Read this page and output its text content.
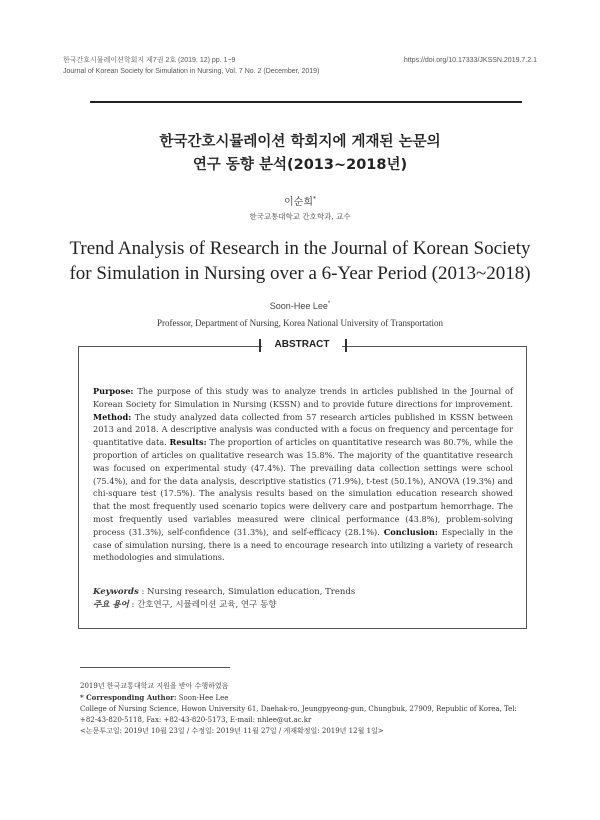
한국간호시뮬레이션학회지 제7권 2호 (2019. 12) pp. 1~9
Journal of Korean Society for Simulation in Nursing, Vol. 7 No. 2 (December, 2019)
https://doi.org/10.17333/JKSSN.2019.7.2.1
한국간호시뮬레이션 학회지에 게재된 논문의
연구 동향 분석(2013~2018년)
이순희*
한국교통대학교 간호학과, 교수
Trend Analysis of Research in the Journal of Korean Society
for Simulation in Nursing over a 6-Year Period (2013~2018)
Soon-Hee Lee*
Professor, Department of Nursing, Korea National University of Transportation
ABSTRACT
Purpose: The purpose of this study was to analyze trends in articles published in the Journal of Korean Society for Simulation in Nursing (KSSN) and to provide future directions for improvement. Method: The study analyzed data collected from 57 research articles published in KSSN between 2013 and 2018. A descriptive analysis was conducted with a focus on frequency and percentage for quantitative data. Results: The proportion of articles on quantitative research was 80.7%, while the proportion of articles on qualitative research was 15.8%. The majority of the quantitative research was focused on experimental study (47.4%). The prevailing data collection settings were school (75.4%), and for the data analysis, descriptive statistics (71.9%), t-test (50.1%), ANOVA (19.3%) and chi-square test (17.5%). The analysis results based on the simulation education research showed that the most frequently used scenario topics were delivery care and postpartum hemorrhage. The most frequently used variables measured were clinical performance (43.8%), problem-solving process (31.3%), self-confidence (31.3%), and self-efficacy (28.1%). Conclusion: Especially in the case of simulation nursing, there is a need to encourage research into utilizing a variety of research methodologies and simulations.
Keywords : Nursing research, Simulation education, Trends
주요 용어 : 간호연구, 시뮬레이션 교육, 연구 동향
2019년 한국교통대학교 지원을 받아 수행하였음
* Corresponding Author: Soon-Hee Lee
College of Nursing Science, Howon University 61, Daehak-ro, Jeungpyeong-gun, Chungbuk, 27909, Republic of Korea, Tel: +82-43-820-5118, Fax: +82-43-820-5173, E-mail: nhlee@ut.ac.kr
<논문투고일: 2019년 10월 23일 / 수정일: 2019년 11월 27일 / 게재확정일: 2019년 12월 1일>
